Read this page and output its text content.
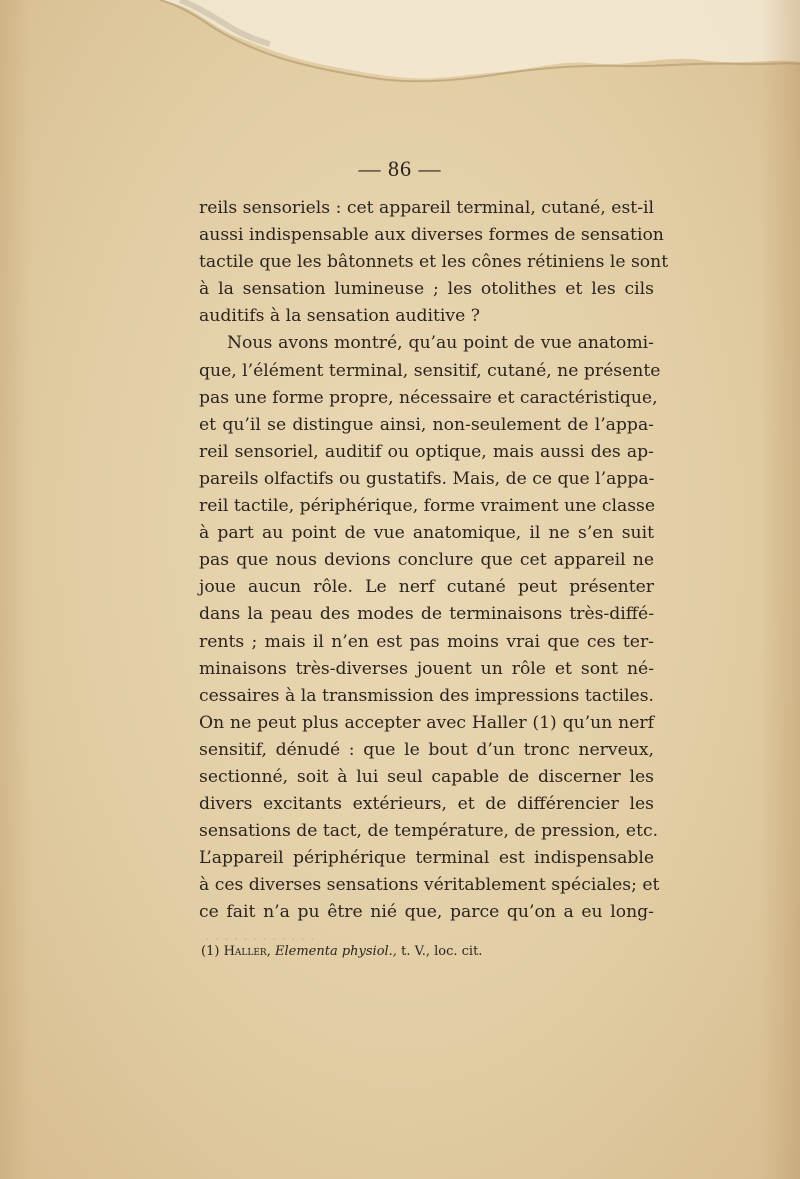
· · · · · · · · · · · ·
— 86 —
reils sensoriels : cet appareil terminal, cutané, est-il
aussi indispensable aux diverses formes de sensation
tactile que les bâtonnets et les cônes rétiniens le sont
à la sensation lumineuse ; les otolithes et les cils
auditifs à la sensation auditive ?
Nous avons montré, qu’au point de vue anatomi-
que, l’élément terminal, sensitif, cutané, ne présente
pas une forme propre, nécessaire et caractéristique,
et qu’il se distingue ainsi, non-seulement de l’appa-
reil sensoriel, auditif ou optique, mais aussi des ap-
pareils olfactifs ou gustatifs. Mais, de ce que l’appa-
reil tactile, périphérique, forme vraiment une classe
à part au point de vue anatomique, il ne s’en suit
pas que nous devions conclure que cet appareil ne
joue aucun rôle. Le nerf cutané peut présenter
dans la peau des modes de terminaisons très-diffé-
rents ; mais il n’en est pas moins vrai que ces ter-
minaisons très-diverses jouent un rôle et sont né-
cessaires à la transmission des impressions tactiles.
On ne peut plus accepter avec Haller (1) qu’un nerf
sensitif, dénudé : que le bout d’un tronc nerveux,
sectionné, soit à lui seul capable de discerner les
divers excitants extérieurs, et de différencier les
sensations de tact, de température, de pression, etc.
L’appareil périphérique terminal est indispensable
à ces diverses sensations véritablement spéciales; et
ce fait n’a pu être nié que, parce qu’on a eu long-
(1) Haller, Elementa physiol., t. V., loc. cit.
